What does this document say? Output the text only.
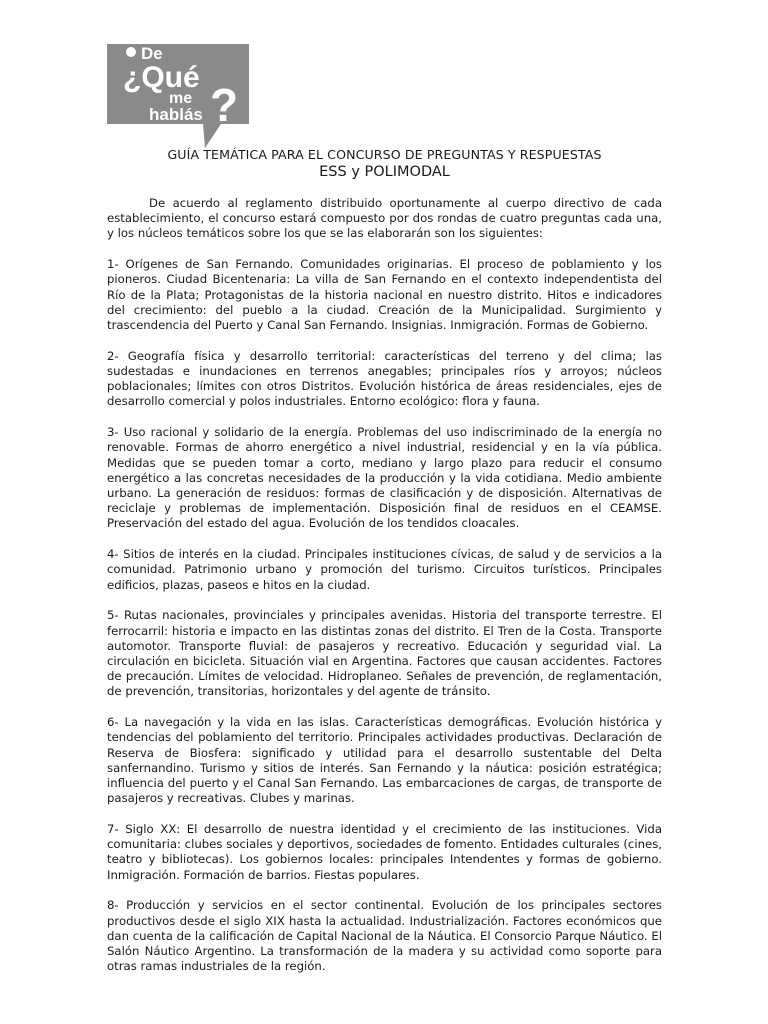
De
¿Qué
me
hablás ?
GUÍA TEMÁTICA PARA EL CONCURSO DE PREGUNTAS Y RESPUESTAS
ESS y POLIMODAL

De acuerdo al reglamento distribuido oportunamente al cuerpo directivo de cada establecimiento, el concurso estará compuesto por dos rondas de cuatro preguntas cada una, y los núcleos temáticos sobre los que se las elaborarán son los siguientes:

1- Orígenes de San Fernando. Comunidades originarias. El proceso de poblamiento y los pioneros. Ciudad Bicentenaria: La villa de San Fernando en el contexto independentista del Río de la Plata; Protagonistas de la historia nacional en nuestro distrito. Hitos e indicadores del crecimiento: del pueblo a la ciudad. Creación de la Municipalidad. Surgimiento y trascendencia del Puerto y Canal San Fernando. Insignias. Inmigración. Formas de Gobierno.

2- Geografía física y desarrollo territorial: características del terreno y del clima; las sudestadas e inundaciones en terrenos anegables; principales ríos y arroyos; núcleos poblacionales; límites con otros Distritos. Evolución histórica de áreas residenciales, ejes de desarrollo comercial y polos industriales. Entorno ecológico: flora y fauna.

3- Uso racional y solidario de la energía. Problemas del uso indiscriminado de la energía no renovable. Formas de ahorro energético a nivel industrial, residencial y en la vía pública. Medidas que se pueden tomar a corto, mediano y largo plazo para reducir el consumo energético a las concretas necesidades de la producción y la vida cotidiana. Medio ambiente urbano. La generación de residuos: formas de clasificación y de disposición. Alternativas de reciclaje y problemas de implementación. Disposición final de residuos en el CEAMSE. Preservación del estado del agua. Evolución de los tendidos cloacales.

4- Sitios de interés en la ciudad. Principales instituciones cívicas, de salud y de servicios a la comunidad. Patrimonio urbano y promoción del turismo. Circuitos turísticos. Principales edificios, plazas, paseos e hitos en la ciudad.

5- Rutas nacionales, provinciales y principales avenidas. Historia del transporte terrestre. El ferrocarril: historia e impacto en las distintas zonas del distrito. El Tren de la Costa. Transporte automotor. Transporte fluvial: de pasajeros y recreativo. Educación y seguridad vial. La circulación en bicicleta. Situación vial en Argentina. Factores que causan accidentes. Factores de precaución. Límites de velocidad. Hidroplaneo. Señales de prevención, de reglamentación, de prevención, transitorias, horizontales y del agente de tránsito.

6- La navegación y la vida en las islas. Características demográficas. Evolución histórica y tendencias del poblamiento del territorio. Principales actividades productivas. Declaración de Reserva de Biosfera: significado y utilidad para el desarrollo sustentable del Delta sanfernandino. Turismo y sitios de interés. San Fernando y la náutica: posición estratégica; influencia del puerto y el Canal San Fernando. Las embarcaciones de cargas, de transporte de pasajeros y recreativas. Clubes y marinas.

7- Siglo XX: El desarrollo de nuestra identidad y el crecimiento de las instituciones. Vida comunitaria: clubes sociales y deportivos, sociedades de fomento. Entidades culturales (cines, teatro y bibliotecas). Los gobiernos locales: principales Intendentes y formas de gobierno. Inmigración. Formación de barrios. Fiestas populares.

8- Producción y servicios en el sector continental. Evolución de los principales sectores productivos desde el siglo XIX hasta la actualidad. Industrialización. Factores económicos que dan cuenta de la calificación de Capital Nacional de la Náutica. El Consorcio Parque Náutico. El Salón Náutico Argentino. La transformación de la madera y su actividad como soporte para otras ramas industriales de la región.
